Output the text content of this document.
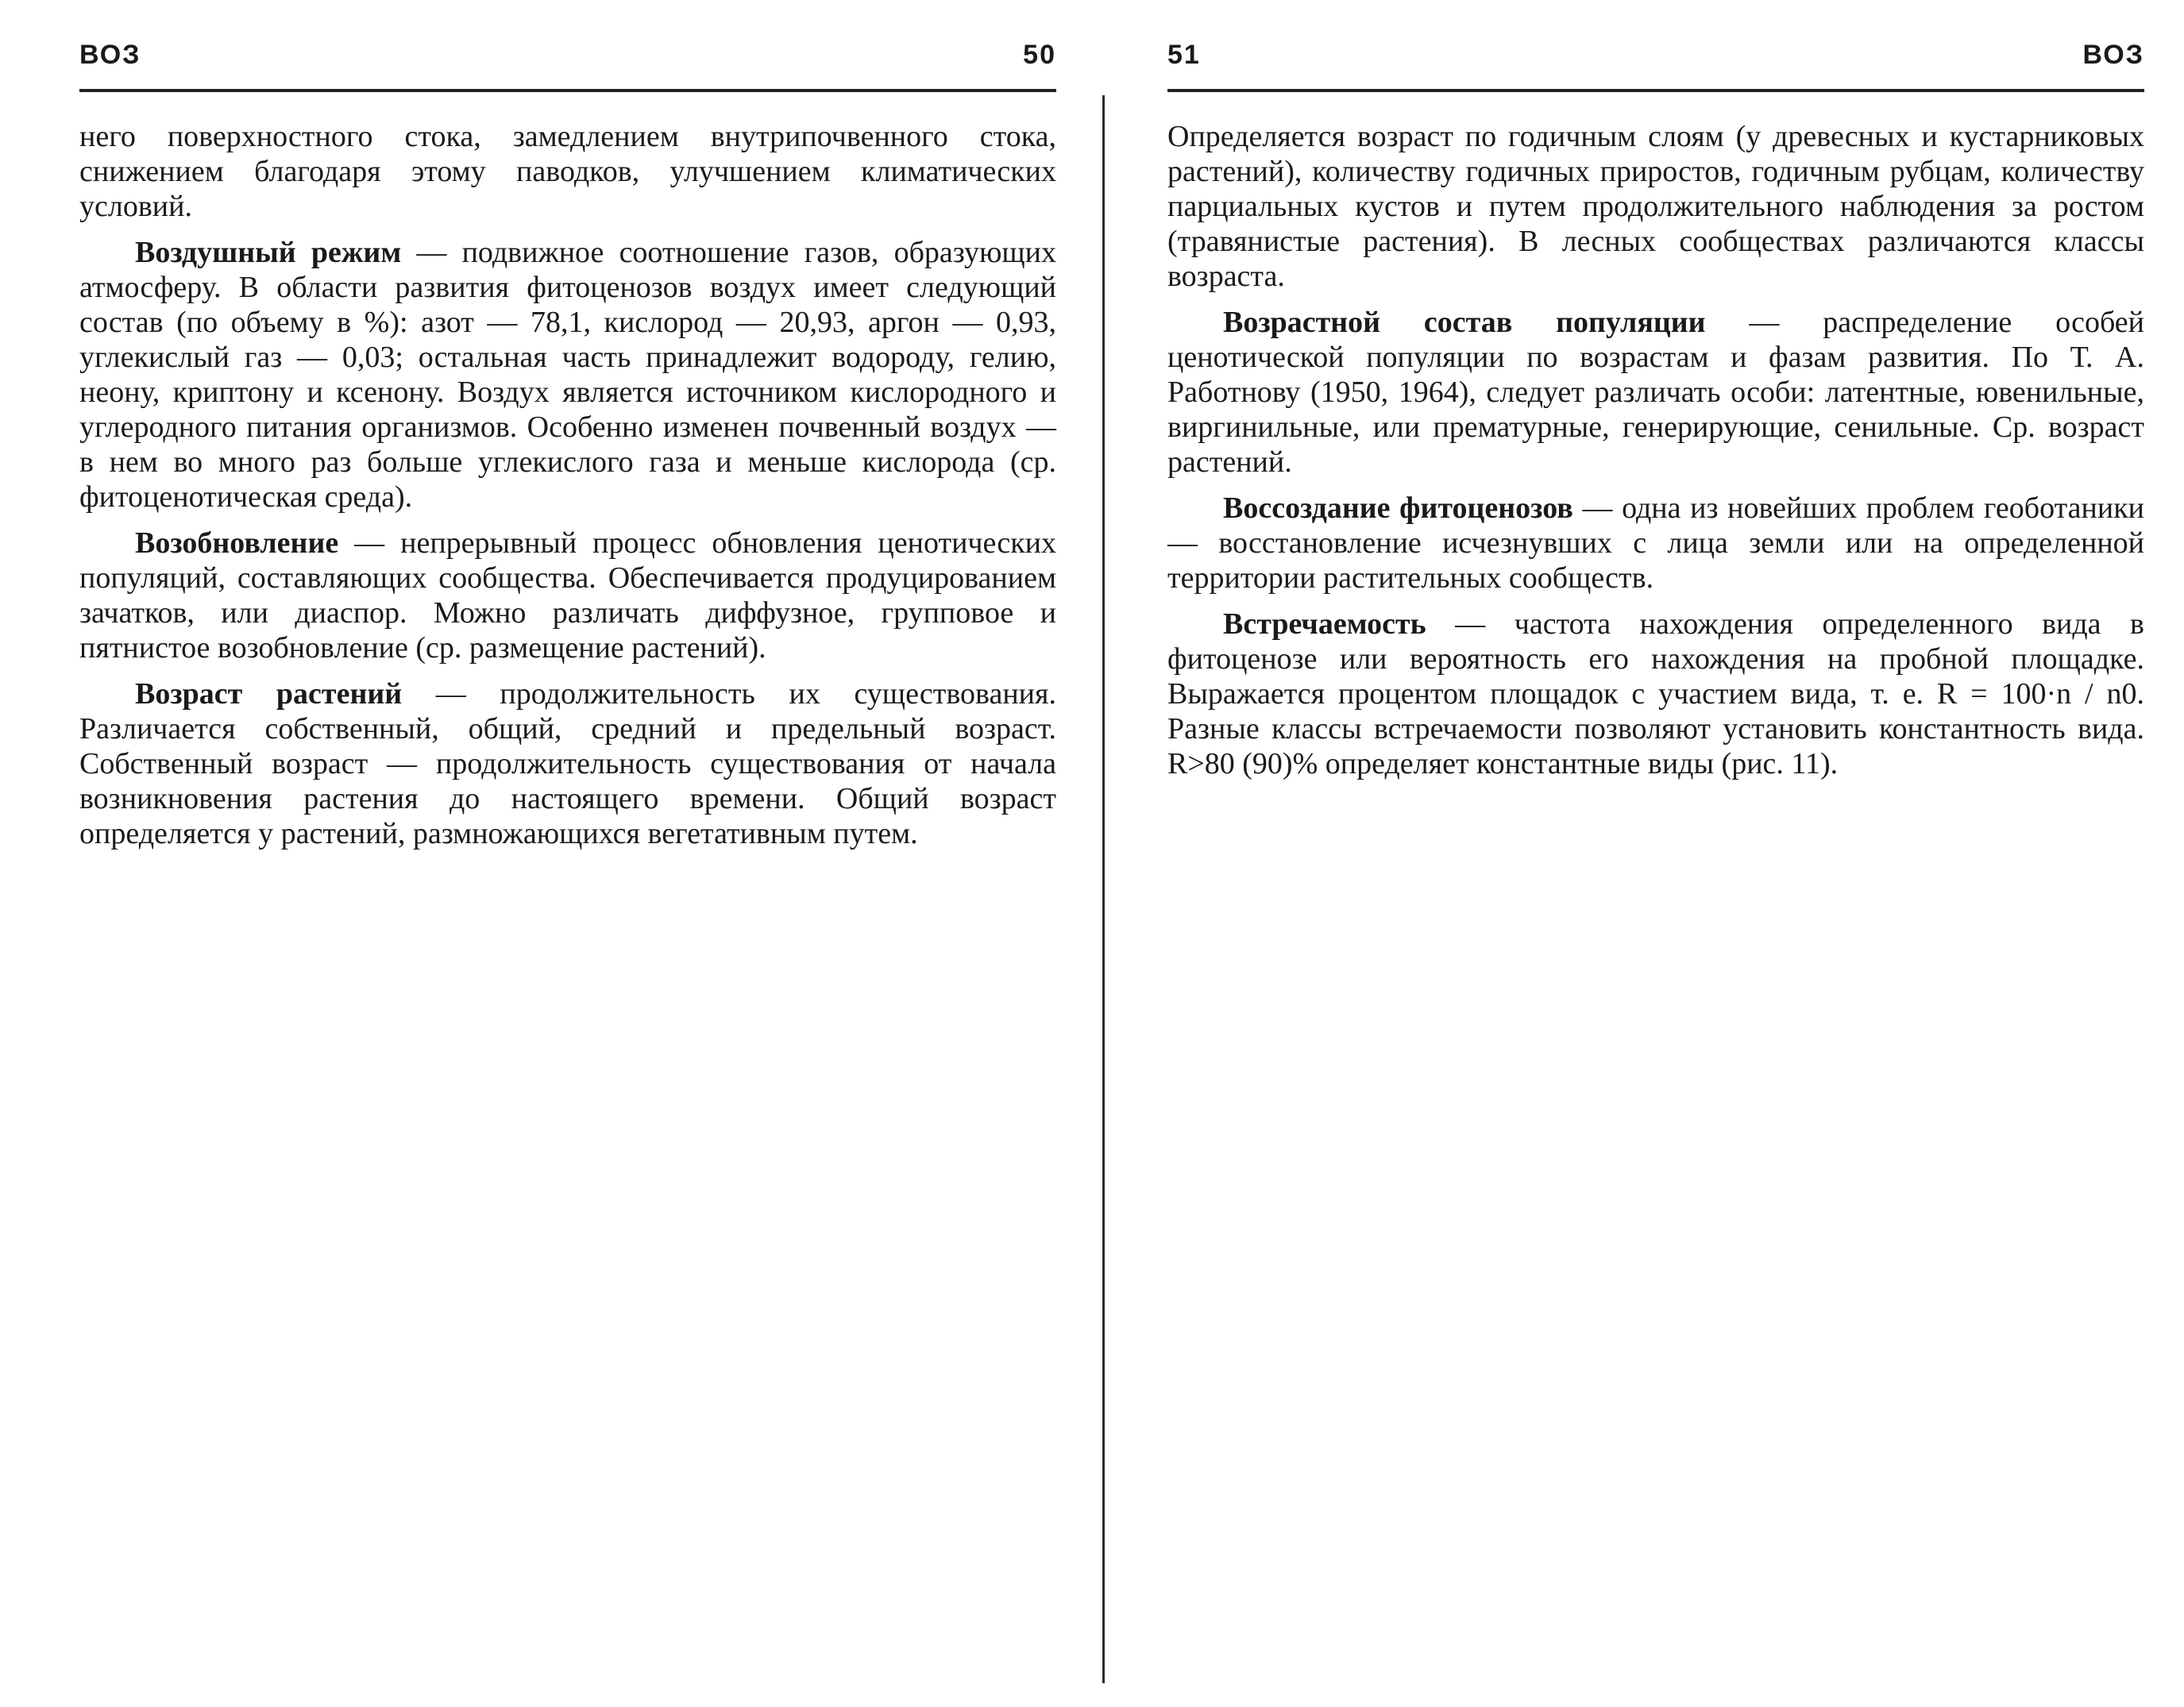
ВОЗ	50

него поверхностного стока, замедлением внутрипочвенного стока, снижением благодаря этому паводков, улучшением климатических условий.

Воздушный режим — подвижное соотношение газов, образующих атмосферу. В области развития фитоценозов воздух имеет следующий состав (по объему в %): азот — 78,1, кислород — 20,93, аргон — 0,93, углекислый газ — 0,03; остальная часть принадлежит водороду, гелию, неону, криптону и ксенону. Воздух является источником кислородного и углеродного питания организмов. Особенно изменен почвенный воздух — в нем во много раз больше углекислого газа и меньше кислорода (ср. фитоценотическая среда).

Возобновление — непрерывный процесс обновления ценотических популяций, составляющих сообщества. Обеспечивается продуцированием зачатков, или диаспор. Можно различать диффузное, групповое и пятнистое возобновление (ср. размещение растений).

Возраст растений — продолжительность их существования. Различается собственный, общий, средний и предельный возраст. Собственный возраст — продолжительность существования от начала возникновения растения до настоящего времени. Общий возраст определяется у растений, размножающихся вегетативным путем.

51	ВОЗ

Определяется возраст по годичным слоям (у древесных и кустарниковых растений), количеству годичных приростов, годичным рубцам, количеству парциальных кустов и путем продолжительного наблюдения за ростом (травянистые растения). В лесных сообществах различаются классы возраста.

Возрастной состав популяции — распределение особей ценотической популяции по возрастам и фазам развития. По Т. А. Работнову (1950, 1964), следует различать особи: латентные, ювенильные, виргинильные, или прематурные, генерирующие, сенильные. Ср. возраст растений.

Воссоздание фитоценозов — одна из новейших проблем геоботаники — восстановление исчезнувших с лица земли или на определенной территории растительных сообществ.

Встречаемость — частота нахождения определенного вида в фитоценозе или вероятность его нахождения на пробной площадке. Выражается процентом площадок с участием вида, т. е. R = 100·n / n0. Разные классы встречаемости позволяют установить константность вида. R>80 (90)% определяет константные виды (рис. 11).
